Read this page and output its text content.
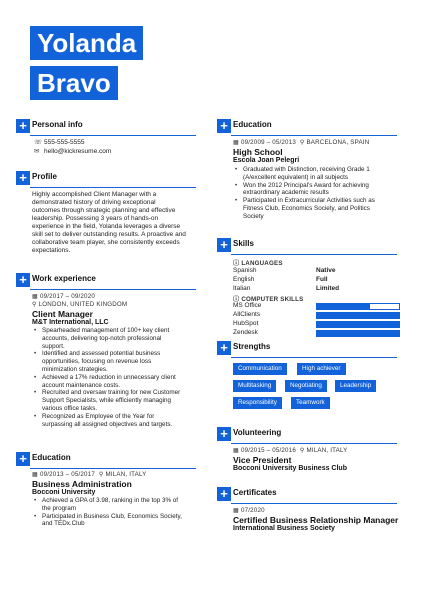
Yolanda
Bravo
+ Personal info
☏ 555-555-5555
✉ hello@kickresume.com
+ Profile
Highly accomplished Client Manager with a
demonstrated history of driving exceptional
outcomes through strategic planning and effective
leadership. Possessing 3 years of hands-on
experience in the field, Yolanda leverages a diverse
skill set to deliver outstanding results. A proactive and
collaborative team player, she consistently exceeds
expectations.
+ Work experience
▦ 09/2017 – 09/2020
⚲ LONDON, UNITED KINGDOM
Client Manager
M&T International, LLC
• Spearheaded management of 100+ key client
accounts, delivering top-notch professional
support.
• Identified and assessed potential business
opportunities, focusing on revenue loss
minimization strategies.
• Achieved a 17% reduction in unnecessary client
account maintenance costs.
• Recruited and oversaw training for new Customer
Support Specialists, while efficiently managing
various office tasks.
• Recognized as Employee of the Year for
surpassing all assigned objectives and targets.
+ Education
▦ 09/2013 – 05/2017 ⚲ MILAN, ITALY
Business Administration
Bocconi University
• Achieved a GPA of 3.98, ranking in the top 3% of
the program
• Participated in Business Club, Economics Society,
and TEDx.Club
+ Education
▦ 09/2009 – 05/2013 ⚲ BARCELONA, SPAIN
High School
Escola Joan Pelegrí
• Graduated with Distinction, receiving Grade 1
(A/excellent equivalent) in all subjects
• Won the 2012 Principal's Award for achieving
extraordinary academic results
• Participated in Extracurricular Activities such as
Fitness Club, Economics Society, and Politics
Society
+ Skills
ⓘ LANGUAGES
Spanish	Native
English	Full
Italian	Limited
ⓘ COMPUTER SKILLS
MS Office
AllClients
HubSpot
Zendesk
+ Strengths
Communication	High achiever
Multitasking	Negotiating	Leadership
Responsibility	Teamwork
+ Volunteering
▦ 09/2015 – 05/2016 ⚲ MILAN, ITALY
Vice President
Bocconi University Business Club
+ Certificates
▦ 07/2020
Certified Business Relationship Manager
International Business Society
